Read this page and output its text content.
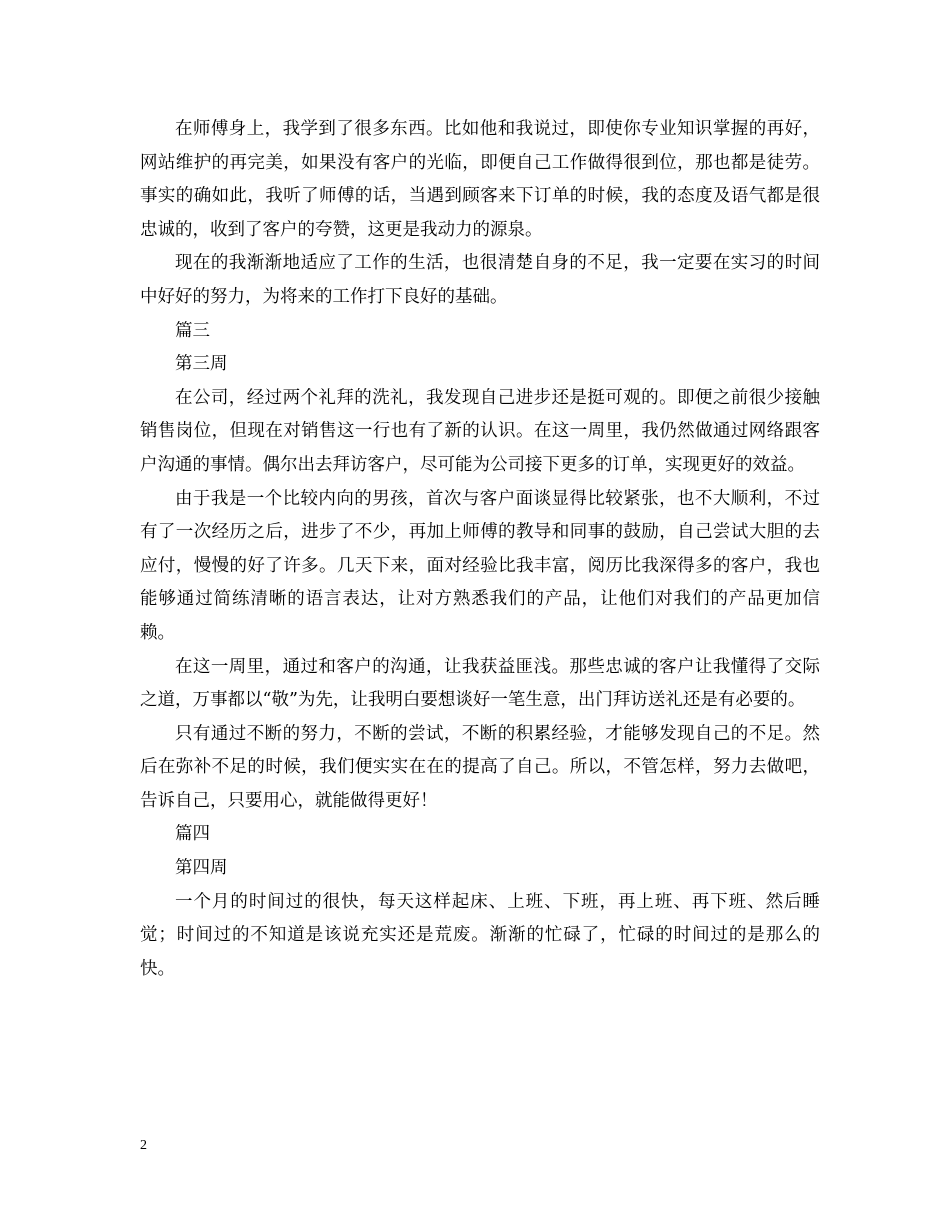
在师傅身上，我学到了很多东西。比如他和我说过，即使你专业知识掌握的再好，网站维护的再完美，如果没有客户的光临，即便自己工作做得很到位，那也都是徒劳。事实的确如此，我听了师傅的话，当遇到顾客来下订单的时候，我的态度及语气都是很忠诚的，收到了客户的夸赞，这更是我动力的源泉。

现在的我渐渐地适应了工作的生活，也很清楚自身的不足，我一定要在实习的时间中好好的努力，为将来的工作打下良好的基础。

篇三

第三周

在公司，经过两个礼拜的洗礼，我发现自己进步还是挺可观的。即便之前很少接触销售岗位，但现在对销售这一行也有了新的认识。在这一周里，我仍然做通过网络跟客户沟通的事情。偶尔出去拜访客户，尽可能为公司接下更多的订单，实现更好的效益。

由于我是一个比较内向的男孩，首次与客户面谈显得比较紧张，也不大顺利，不过有了一次经历之后，进步了不少，再加上师傅的教导和同事的鼓励，自己尝试大胆的去应付，慢慢的好了许多。几天下来，面对经验比我丰富，阅历比我深得多的客户，我也能够通过简练清晰的语言表达，让对方熟悉我们的产品，让他们对我们的产品更加信赖。

在这一周里，通过和客户的沟通，让我获益匪浅。那些忠诚的客户让我懂得了交际之道，万事都以“敬”为先，让我明白要想谈好一笔生意，出门拜访送礼还是有必要的。

只有通过不断的努力，不断的尝试，不断的积累经验，才能够发现自己的不足。然后在弥补不足的时候，我们便实实在在的提高了自己。所以，不管怎样，努力去做吧，告诉自己，只要用心，就能做得更好！

篇四

第四周

一个月的时间过的很快，每天这样起床、上班、下班，再上班、再下班、然后睡觉；时间过的不知道是该说充实还是荒废。渐渐的忙碌了，忙碌的时间过的是那么的快。

2
